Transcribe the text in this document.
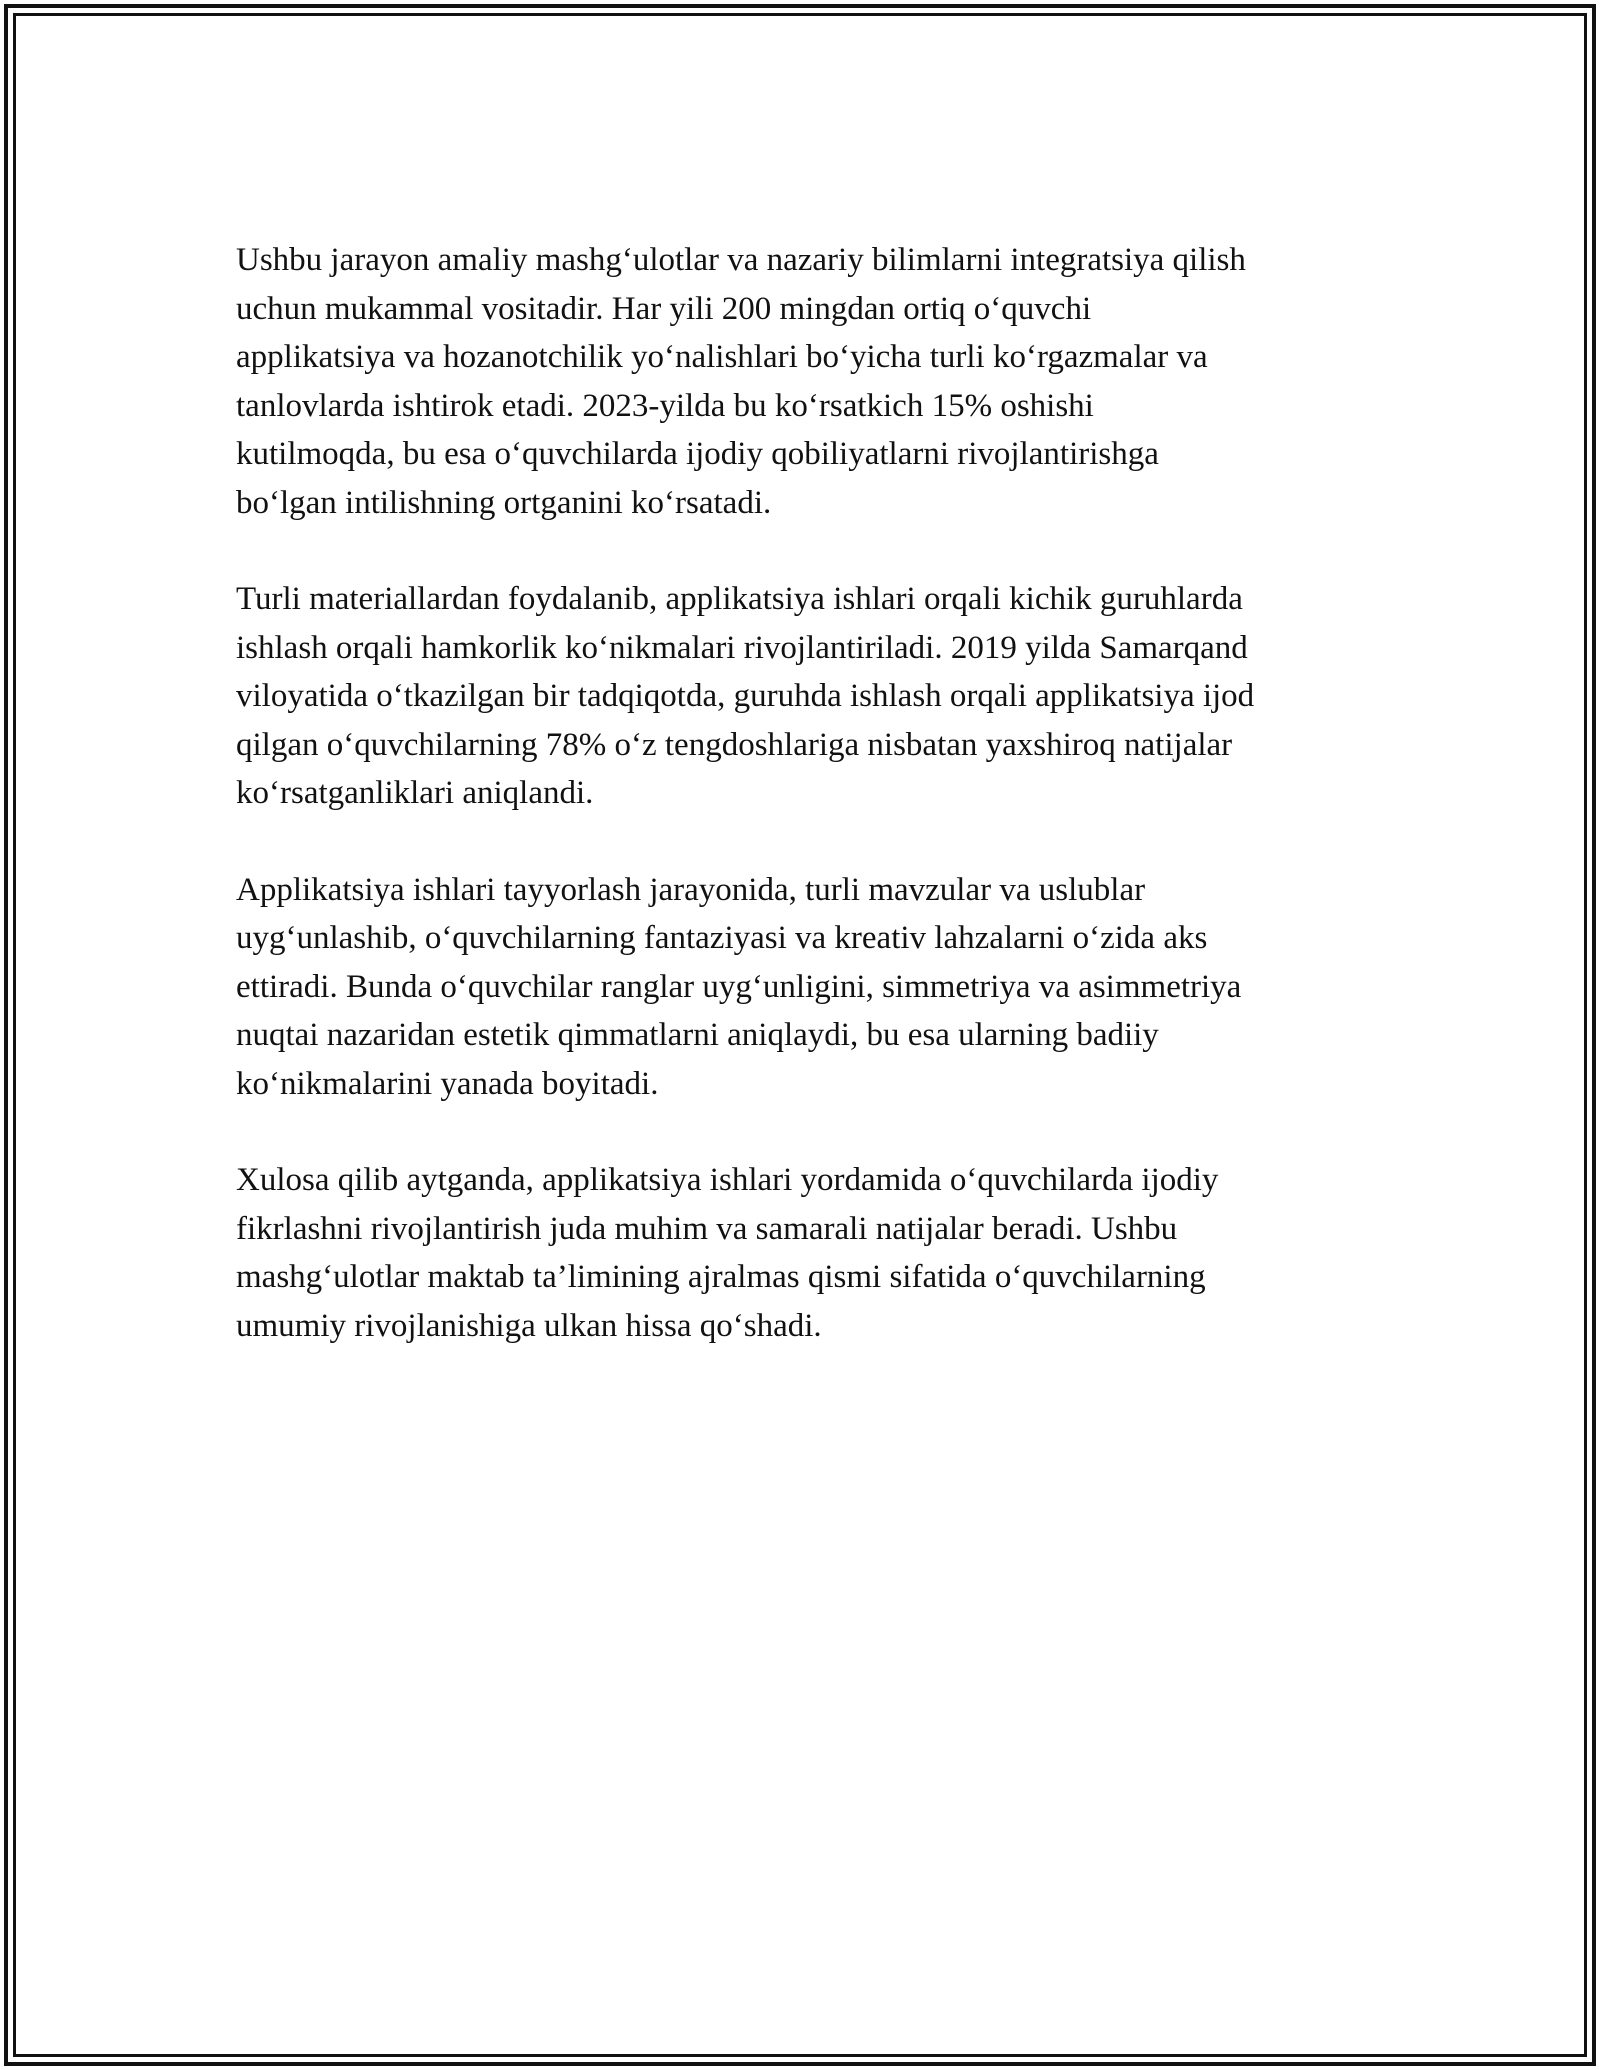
Ushbu jarayon amaliy mashg‘ulotlar va nazariy bilimlarni integratsiya qilish
uchun mukammal vositadir. Har yili 200 mingdan ortiq o‘quvchi
applikatsiya va hozanotchilik yo‘nalishlari bo‘yicha turli ko‘rgazmalar va
tanlovlarda ishtirok etadi. 2023-yilda bu ko‘rsatkich 15% oshishi
kutilmoqda, bu esa o‘quvchilarda ijodiy qobiliyatlarni rivojlantirishga
bo‘lgan intilishning ortganini ko‘rsatadi.

Turli materiallardan foydalanib, applikatsiya ishlari orqali kichik guruhlarda
ishlash orqali hamkorlik ko‘nikmalari rivojlantiriladi. 2019 yilda Samarqand
viloyatida o‘tkazilgan bir tadqiqotda, guruhda ishlash orqali applikatsiya ijod
qilgan o‘quvchilarning 78% o‘z tengdoshlariga nisbatan yaxshiroq natijalar
ko‘rsatganliklari aniqlandi.

Applikatsiya ishlari tayyorlash jarayonida, turli mavzular va uslublar
uyg‘unlashib, o‘quvchilarning fantaziyasi va kreativ lahzalarni o‘zida aks
ettiradi. Bunda o‘quvchilar ranglar uyg‘unligini, simmetriya va asimmetriya
nuqtai nazaridan estetik qimmatlarni aniqlaydi, bu esa ularning badiiy
ko‘nikmalarini yanada boyitadi.

Xulosa qilib aytganda, applikatsiya ishlari yordamida o‘quvchilarda ijodiy
fikrlashni rivojlantirish juda muhim va samarali natijalar beradi. Ushbu
mashg‘ulotlar maktab ta’limining ajralmas qismi sifatida o‘quvchilarning
umumiy rivojlanishiga ulkan hissa qo‘shadi.
